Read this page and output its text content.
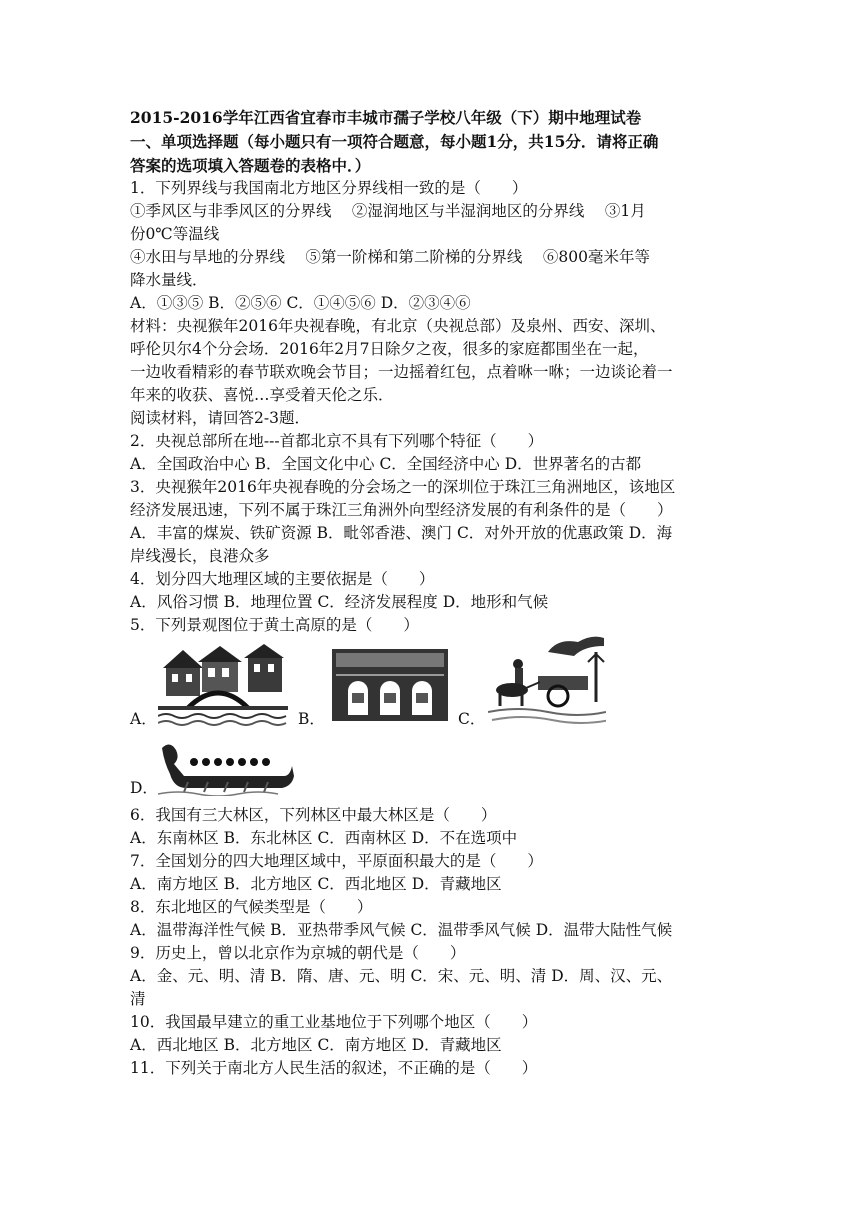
2015-2016学年江西省宜春市丰城市孺子学校八年级（下）期中地理试卷
一、单项选择题（每小题只有一项符合题意，每小题1分，共15分．请将正确
答案的选项填入答题卷的表格中．）
1．下列界线与我国南北方地区分界线相一致的是（　　）
①季风区与非季风区的分界线　 ②湿润地区与半湿润地区的分界线　 ③1月
份0℃等温线
④水田与旱地的分界线　 ⑤第一阶梯和第二阶梯的分界线　 ⑥800毫米年等
降水量线．
A．①③⑤ B．②⑤⑥ C．①④⑤⑥ D．②③④⑥
材料：央视猴年2016年央视春晚，有北京（央视总部）及泉州、西安、深圳、
呼伦贝尔4个分会场．2016年2月7日除夕之夜，很多的家庭都围坐在一起，
一边收看精彩的春节联欢晚会节目；一边摇着红包，点着咻一咻；一边谈论着一
年来的收获、喜悦…享受着天伦之乐．
阅读材料，请回答2-3题．
2．央视总部所在地---首都北京不具有下列哪个特征（　　）
A．全国政治中心 B．全国文化中心 C．全国经济中心 D．世界著名的古都
3．央视猴年2016年央视春晚的分会场之一的深圳位于珠江三角洲地区，该地区
经济发展迅速，下列不属于珠江三角洲外向型经济发展的有利条件的是（　　）
A．丰富的煤炭、铁矿资源 B．毗邻香港、澳门 C．对外开放的优惠政策 D．海
岸线漫长，良港众多
4．划分四大地理区域的主要依据是（　　）
A．风俗习惯 B．地理位置 C．经济发展程度 D．地形和气候
5．下列景观图位于黄土高原的是（　　）
A．	B．	C．
D．
6．我国有三大林区，下列林区中最大林区是（　　）
A．东南林区 B．东北林区 C．西南林区 D．不在选项中
7．全国划分的四大地理区域中，平原面积最大的是（　　）
A．南方地区 B．北方地区 C．西北地区 D．青藏地区
8．东北地区的气候类型是（　　）
A．温带海洋性气候 B．亚热带季风气候 C．温带季风气候 D．温带大陆性气候
9．历史上，曾以北京作为京城的朝代是（　　）
A．金、元、明、清 B．隋、唐、元、明 C．宋、元、明、清 D．周、汉、元、
清
10．我国最早建立的重工业基地位于下列哪个地区（　　）
A．西北地区 B．北方地区 C．南方地区 D．青藏地区
11．下列关于南北方人民生活的叙述，不正确的是（　　）
